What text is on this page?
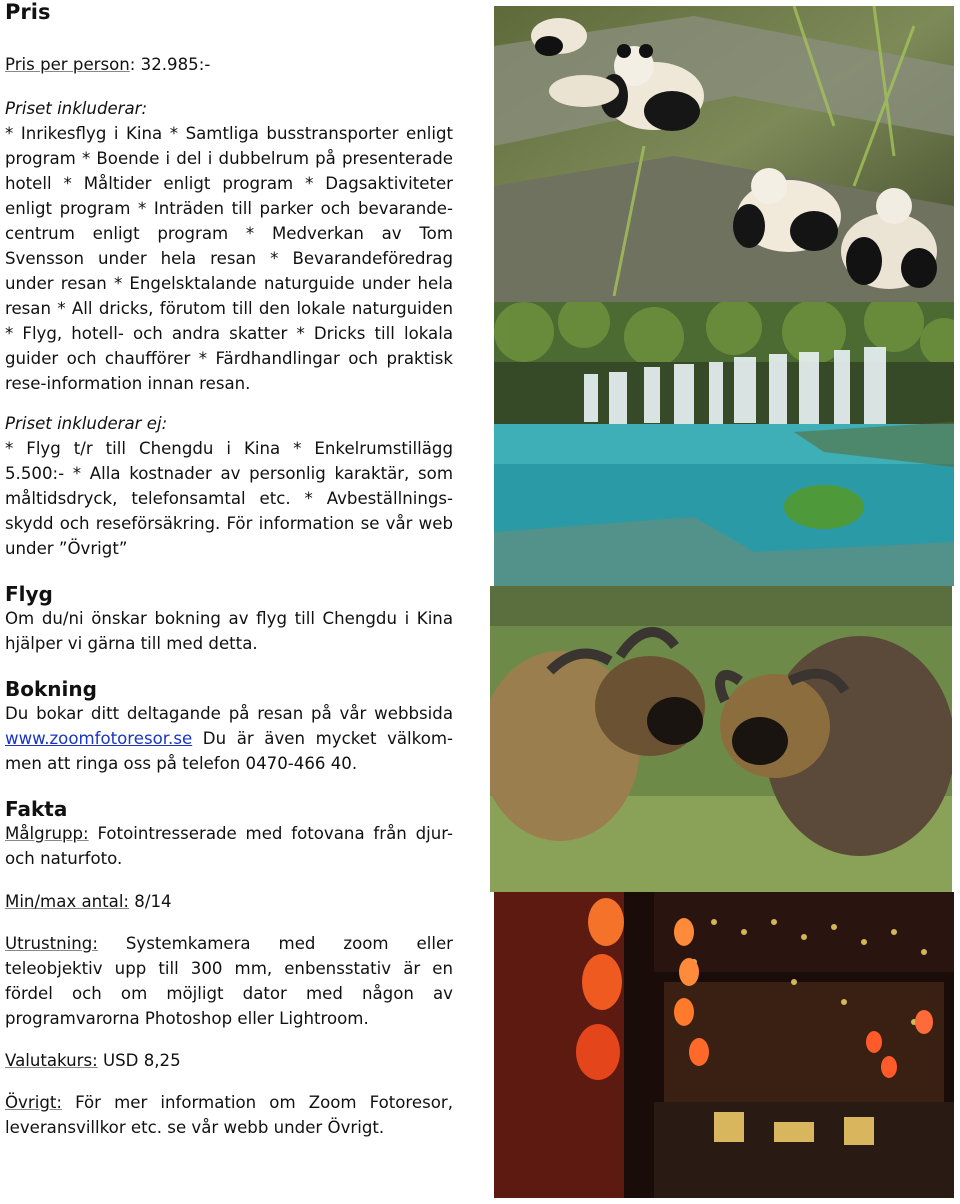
Pris

Pris per person: 32.985:-

Priset inkluderar:

* Inrikesflyg i Kina * Samtliga busstransporter enligt program * Boende i del i dubbelrum på presenterade hotell * Måltider enligt program * Dagsaktiviteter enligt program * Inträden till parker och bevarande-centrum enligt program * Medverkan av Tom Svensson under hela resan * Bevarandeföredrag under resan * Engelsktalande naturguide under hela resan * All dricks, förutom till den lokale naturguiden * Flyg, hotell- och andra skatter * Dricks till lokala guider och chaufförer * Färdhandlingar och praktisk rese-information innan resan.

Priset inkluderar ej:

* Flyg t/r till Chengdu i Kina * Enkelrumstillägg 5.500:- * Alla kostnader av personlig karaktär, som måltidsdryck, telefonsamtal etc. * Avbeställnings-skydd och reseförsäkring. För information se vår web under ”Övrigt”

Flyg

Om du/ni önskar bokning av flyg till Chengdu i Kina hjälper vi gärna till med detta.

Bokning

Du bokar ditt deltagande på resan på vår webbsida www.zoomfotoresor.se Du är även mycket välkom-men att ringa oss på telefon 0470-466 40.

Fakta

Målgrupp: Fotointresserade med fotovana från djur- och naturfoto.

Min/max antal: 8/14

Utrustning: Systemkamera med zoom eller teleobjektiv upp till 300 mm, enbensstativ är en fördel och om möjligt dator med någon av programvarorna Photoshop eller Lightroom.

Valutakurs: USD 8,25

Övrigt: För mer information om Zoom Fotoresor, leveransvillkor etc. se vår webb under Övrigt.
